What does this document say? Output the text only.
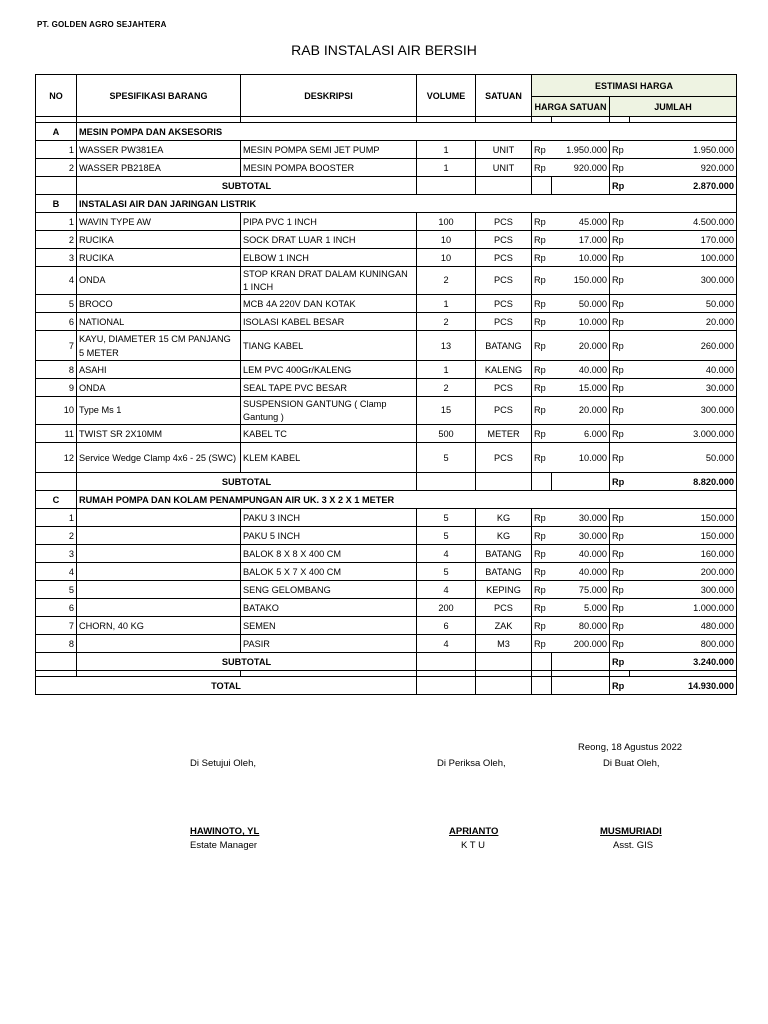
PT. GOLDEN AGRO SEJAHTERA
RAB INSTALASI AIR BERSIH
NO	SPESIFIKASI BARANG	DESKRIPSI	VOLUME	SATUAN	ESTIMASI HARGA			
					HARGA SATUAN		JUMLAH	

A	MESIN POMPA DAN AKSESORIS							
1	WASSER PW381EA	MESIN POMPA SEMI JET PUMP	1	UNIT	Rp	1.950.000	Rp	1.950.000
2	WASSER PB218EA	MESIN POMPA BOOSTER	1	UNIT	Rp	920.000	Rp	920.000
	SUBTOTAL						Rp	2.870.000
B	INSTALASI AIR DAN JARINGAN LISTRIK							
1	WAVIN TYPE AW	PIPA PVC 1 INCH	100	PCS	Rp	45.000	Rp	4.500.000
2	RUCIKA	SOCK DRAT LUAR 1 INCH	10	PCS	Rp	17.000	Rp	170.000
3	RUCIKA	ELBOW 1 INCH	10	PCS	Rp	10.000	Rp	100.000
4	ONDA	STOP KRAN DRAT DALAM KUNINGAN 1 INCH	2	PCS	Rp	150.000	Rp	300.000
5	BROCO	MCB 4A 220V DAN KOTAK	1	PCS	Rp	50.000	Rp	50.000
6	NATIONAL	ISOLASI KABEL BESAR	2	PCS	Rp	10.000	Rp	20.000
7	KAYU, DIAMETER 15 CM PANJANG 5 METER	TIANG KABEL	13	BATANG	Rp	20.000	Rp	260.000
8	ASAHI	LEM PVC 400Gr/KALENG	1	KALENG	Rp	40.000	Rp	40.000
9	ONDA	SEAL TAPE PVC BESAR	2	PCS	Rp	15.000	Rp	30.000
10	Type Ms 1	SUSPENSION GANTUNG ( Clamp Gantung )	15	PCS	Rp	20.000	Rp	300.000
11	TWIST SR 2X10MM	KABEL TC	500	METER	Rp	6.000	Rp	3.000.000
12	Service Wedge Clamp 4x6 - 25 (SWC)	KLEM KABEL	5	PCS	Rp	10.000	Rp	50.000
	SUBTOTAL						Rp	8.820.000
C	RUMAH POMPA DAN KOLAM PENAMPUNGAN AIR UK. 3 X 2 X 1 METER							
1		PAKU 3 INCH	5	KG	Rp	30.000	Rp	150.000
2		PAKU 5 INCH	5	KG	Rp	30.000	Rp	150.000
3		BALOK 8 X 8 X 400 CM	4	BATANG	Rp	40.000	Rp	160.000
4		BALOK 5 X 7 X 400 CM	5	BATANG	Rp	40.000	Rp	200.000
5		SENG GELOMBANG	4	KEPING	Rp	75.000	Rp	300.000
6		BATAKO	200	PCS	Rp	5.000	Rp	1.000.000
7	CHORN, 40 KG	SEMEN	6	ZAK	Rp	80.000	Rp	480.000
8		PASIR	4	M3	Rp	200.000	Rp	800.000
	SUBTOTAL						Rp	3.240.000

TOTAL							Rp	14.930.000
Reong, 18 Agustus 2022
Di Setujui Oleh,	Di Periksa Oleh,	Di Buat Oleh,
HAWINOTO, YL	APRIANTO	MUSMURIADI
Estate Manager	K T U	Asst. GIS
